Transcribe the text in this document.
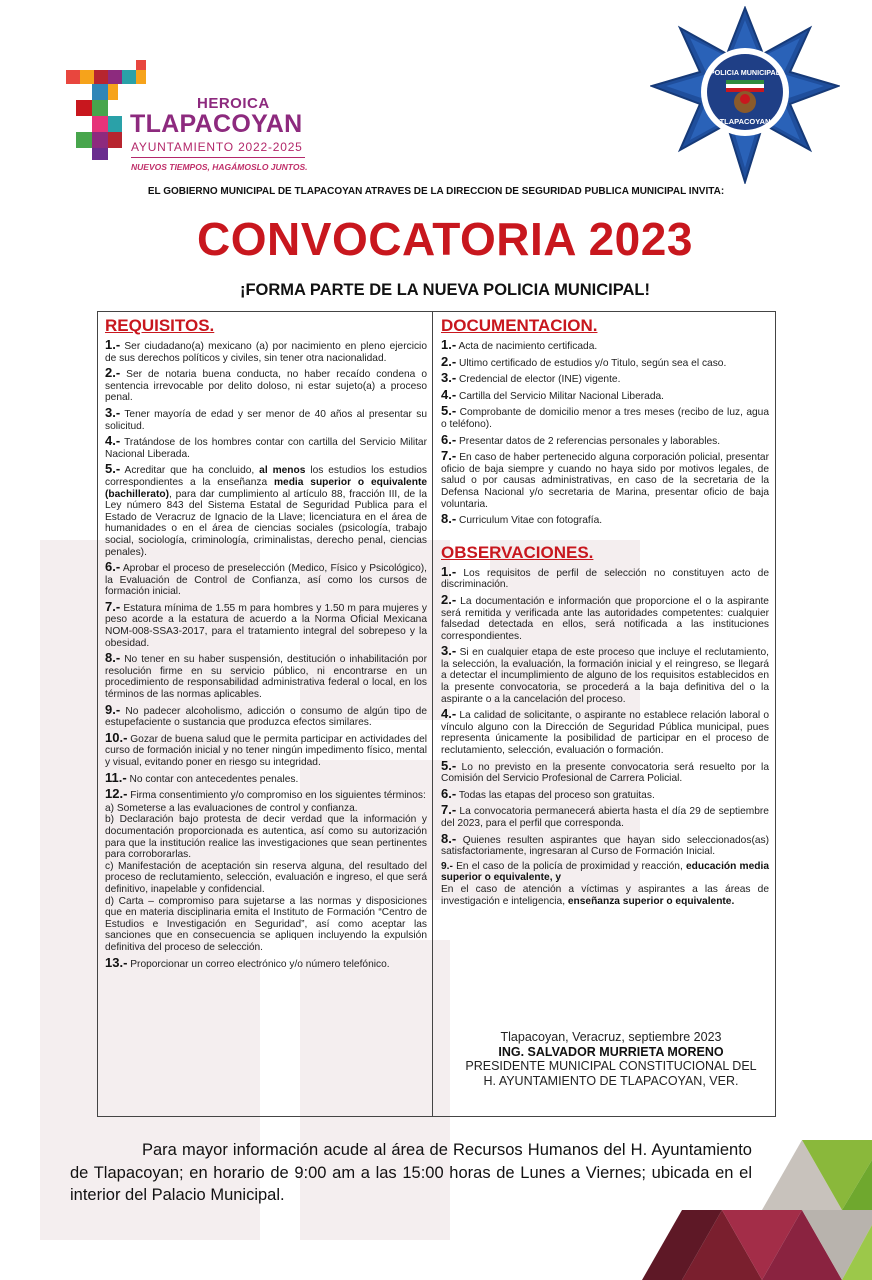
HEROICA
TLAPACOYAN
AYUNTAMIENTO 2022-2025
NUEVOS TIEMPOS, HAGÁMOSLO JUNTOS.
POLICIA MUNICIPAL
TLAPACOYAN
EL GOBIERNO MUNICIPAL DE TLAPACOYAN ATRAVES DE LA DIRECCION DE SEGURIDAD PUBLICA MUNICIPAL INVITA:
CONVOCATORIA 2023
¡FORMA PARTE DE LA NUEVA POLICIA MUNICIPAL!
REQUISITOS.
1.- Ser ciudadano(a) mexicano (a) por nacimiento en pleno ejercicio de sus derechos políticos y civiles, sin tener otra nacionalidad.
2.- Ser de notaria buena conducta, no haber recaído condena o sentencia irrevocable por delito doloso, ni estar sujeto(a) a proceso penal.
3.- Tener mayoría de edad y ser menor de 40 años al presentar su solicitud.
4.- Tratándose de los hombres contar con cartilla del Servicio Militar Nacional Liberada.
5.- Acreditar que ha concluido, al menos los estudios los estudios correspondientes a la enseñanza media superior o equivalente (bachillerato), para dar cumplimiento al artículo 88, fracción III, de la Ley número 843 del Sistema Estatal de Seguridad Publica para el Estado de Veracruz de Ignacio de la Llave; licenciatura en el área de humanidades o en el área de ciencias sociales (psicología, trabajo social, sociología, criminología, criminalistas, derecho penal, ciencias penales).
6.- Aprobar el proceso de preselección (Medico, Físico y Psicológico), la Evaluación de Control de Confianza, así como los cursos de formación inicial.
7.- Estatura mínima de 1.55 m para hombres y 1.50 m para mujeres y peso acorde a la estatura de acuerdo a la Norma Oficial Mexicana NOM-008-SSA3-2017, para el tratamiento integral del sobrepeso y la obesidad.
8.- No tener en su haber suspensión, destitución o inhabilitación por resolución firme en su servicio público, ni encontrarse en un procedimiento de responsabilidad administrativa federal o local, en los términos de las normas aplicables.
9.- No padecer alcoholismo, adicción o consumo de algún tipo de estupefaciente o sustancia que produzca efectos similares.
10.- Gozar de buena salud que le permita participar en actividades del curso de formación inicial y no tener ningún impedimento físico, mental y visual, evitando poner en riesgo su integridad.
11.- No contar con antecedentes penales.
12.- Firma consentimiento y/o compromiso en los siguientes términos:
a) Someterse a las evaluaciones de control y confianza.
b) Declaración bajo protesta de decir verdad que la información y documentación proporcionada es autentica, así como su autorización para que la institución realice las investigaciones que sean pertinentes para corroborarlas.
c) Manifestación de aceptación sin reserva alguna, del resultado del proceso de reclutamiento, selección, evaluación e ingreso, el que será definitivo, inapelable y confidencial.
d) Carta – compromiso para sujetarse a las normas y disposiciones que en materia disciplinaria emita el Instituto de Formación “Centro de Estudios e Investigación en Seguridad”, así como aceptar las sanciones que en consecuencia se apliquen incluyendo la expulsión definitiva del proceso de selección.
13.- Proporcionar un correo electrónico y/o número telefónico.
DOCUMENTACION.
1.- Acta de nacimiento certificada.
2.- Ultimo certificado de estudios y/o Titulo, según sea el caso.
3.- Credencial de elector (INE) vigente.
4.- Cartilla del Servicio Militar Nacional Liberada.
5.- Comprobante de domicilio menor a tres meses (recibo de luz, agua o teléfono).
6.- Presentar datos de 2 referencias personales y laborables.
7.- En caso de haber pertenecido alguna corporación policial, presentar oficio de baja siempre y cuando no haya sido por motivos legales, de salud o por causas administrativas, en caso de la secretaria de la Defensa Nacional y/o secretaria de Marina, presentar oficio de baja voluntaria.
8.- Curriculum Vitae con fotografía.
OBSERVACIONES.
1.- Los requisitos de perfil de selección no constituyen acto de discriminación.
2.- La documentación e información que proporcione el o la aspirante será remitida y verificada ante las autoridades competentes: cualquier falsedad detectada en ellos, será notificada a las instituciones correspondientes.
3.- Si en cualquier etapa de este proceso que incluye el reclutamiento, la selección, la evaluación, la formación inicial y el reingreso, se llegará a detectar el incumplimiento de alguno de los requisitos establecidos en la presente convocatoria, se procederá a la baja definitiva del o la aspirante o a la cancelación del proceso.
4.- La calidad de solicitante, o aspirante no establece relación laboral o vínculo alguno con la Dirección de Seguridad Pública municipal, pues representa únicamente la posibilidad de participar en el proceso de reclutamiento, selección, evaluación o formación.
5.- Lo no previsto en la presente convocatoria será resuelto por la Comisión del Servicio Profesional de Carrera Policial.
6.- Todas las etapas del proceso son gratuitas.
7.- La convocatoria permanecerá abierta hasta el día 29 de septiembre del 2023, para el perfil que corresponda.
8.- Quienes resulten aspirantes que hayan sido seleccionados(as) satisfactoriamente, ingresaran al Curso de Formación Inicial.
9.- En el caso de la policía de proximidad y reacción, educación media superior o equivalente, y
En el caso de atención a víctimas y aspirantes a las áreas de investigación e inteligencia, enseñanza superior o equivalente.
Tlapacoyan, Veracruz, septiembre 2023
ING. SALVADOR MURRIETA MORENO
PRESIDENTE MUNICIPAL CONSTITUCIONAL DEL
H. AYUNTAMIENTO DE TLAPACOYAN, VER.
Para mayor información acude al área de Recursos Humanos del H. Ayuntamiento de Tlapacoyan; en horario de 9:00 am a las 15:00 horas de Lunes a Viernes; ubicada en el interior del Palacio Municipal.
